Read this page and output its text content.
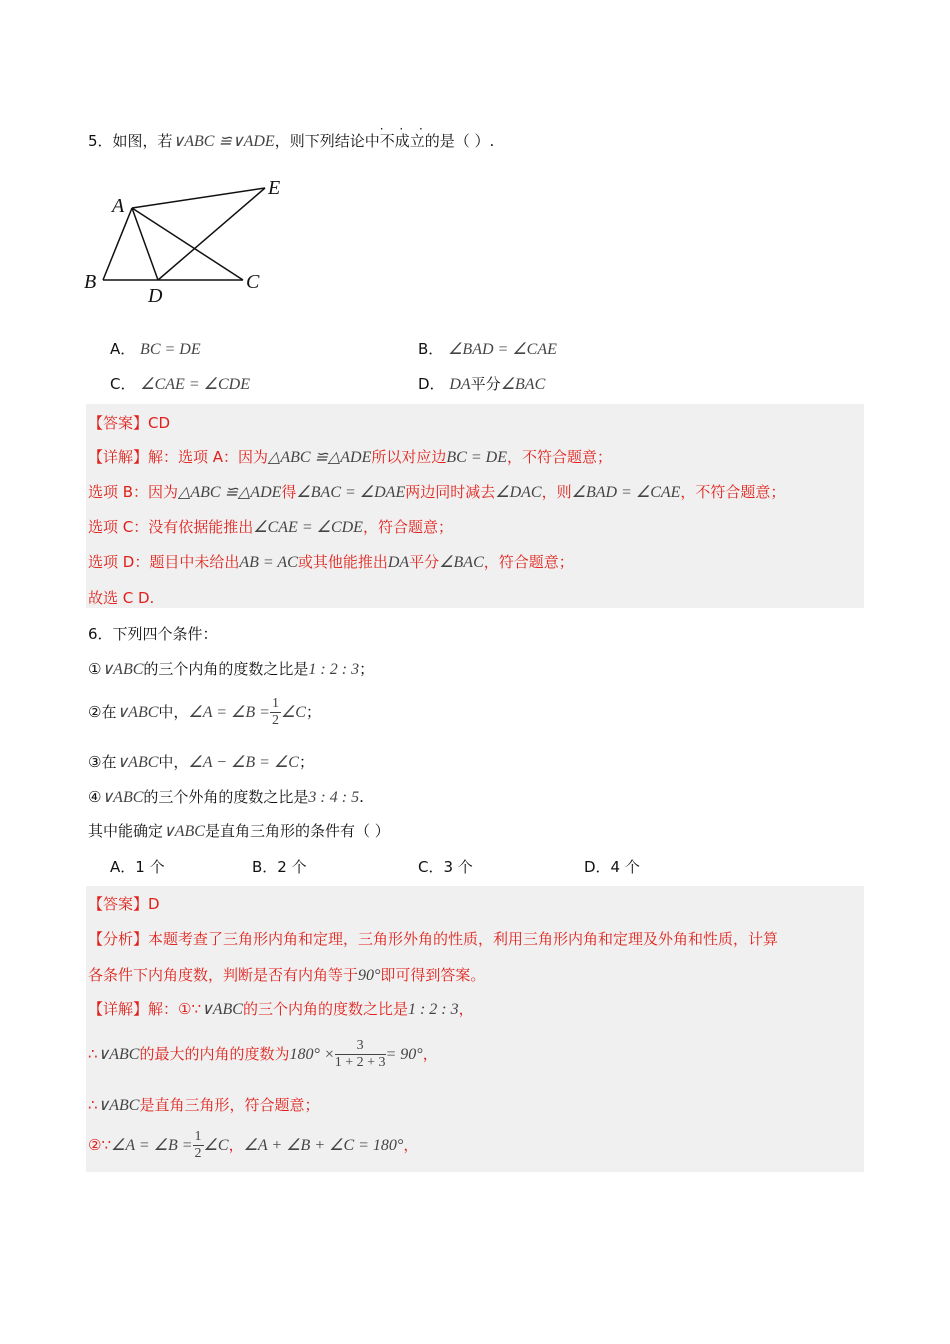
5．如图，若∨ABC ≌∨ADE，则下列结论中
· · ·
不成立的是（ ）.
A
B	C
D
E
A． BC = DE	B． ∠BAD = ∠CAE
C． ∠CAE = ∠CDE	D． DA平分∠BAC
【答案】CD
【详解】解：选项 A：因为△ABC ≌△ADE所以对应边BC = DE，不符合题意；
选项 B：因为△ABC ≌△ADE得∠BAC = ∠DAE两边同时减去∠DAC，则∠BAD = ∠CAE，不符合题意；
选项 C：没有依据能推出∠CAE = ∠CDE，符合题意；
选项 D：题目中未给出AB = AC或其他能推出DA平分∠BAC，符合题意；
故选 C D.
6．下列四个条件：
①∨ABC的三个内角的度数之比是1 : 2 : 3；
②在∨ABC中，∠A = ∠B = $\frac{1}{2}$ ∠C；
③在∨ABC中，∠A − ∠B = ∠C；
④∨ABC的三个外角的度数之比是3 : 4 : 5.
其中能确定∨ABC是直角三角形的条件有（ ）
A．1 个	B．2 个	C．3 个	D．4 个
【答案】D
【分析】本题考查了三角形内角和定理，三角形外角的性质，利用三角形内角和定理及外角和性质，计算
各条件下内角度数，判断是否有内角等于90°即可得到答案。
【详解】解：①∵∨ABC的三个内角的度数之比是1 : 2 : 3，
∴∨ABC的最大的内角的度数为$180^\circ \times \frac{3}{1 + 2 + 3} = 90^\circ$，
∴∨ABC是直角三角形，符合题意；
②∵∠A = ∠B = $\frac{1}{2}$ ∠C，∠A + ∠B + ∠C = 180°，
